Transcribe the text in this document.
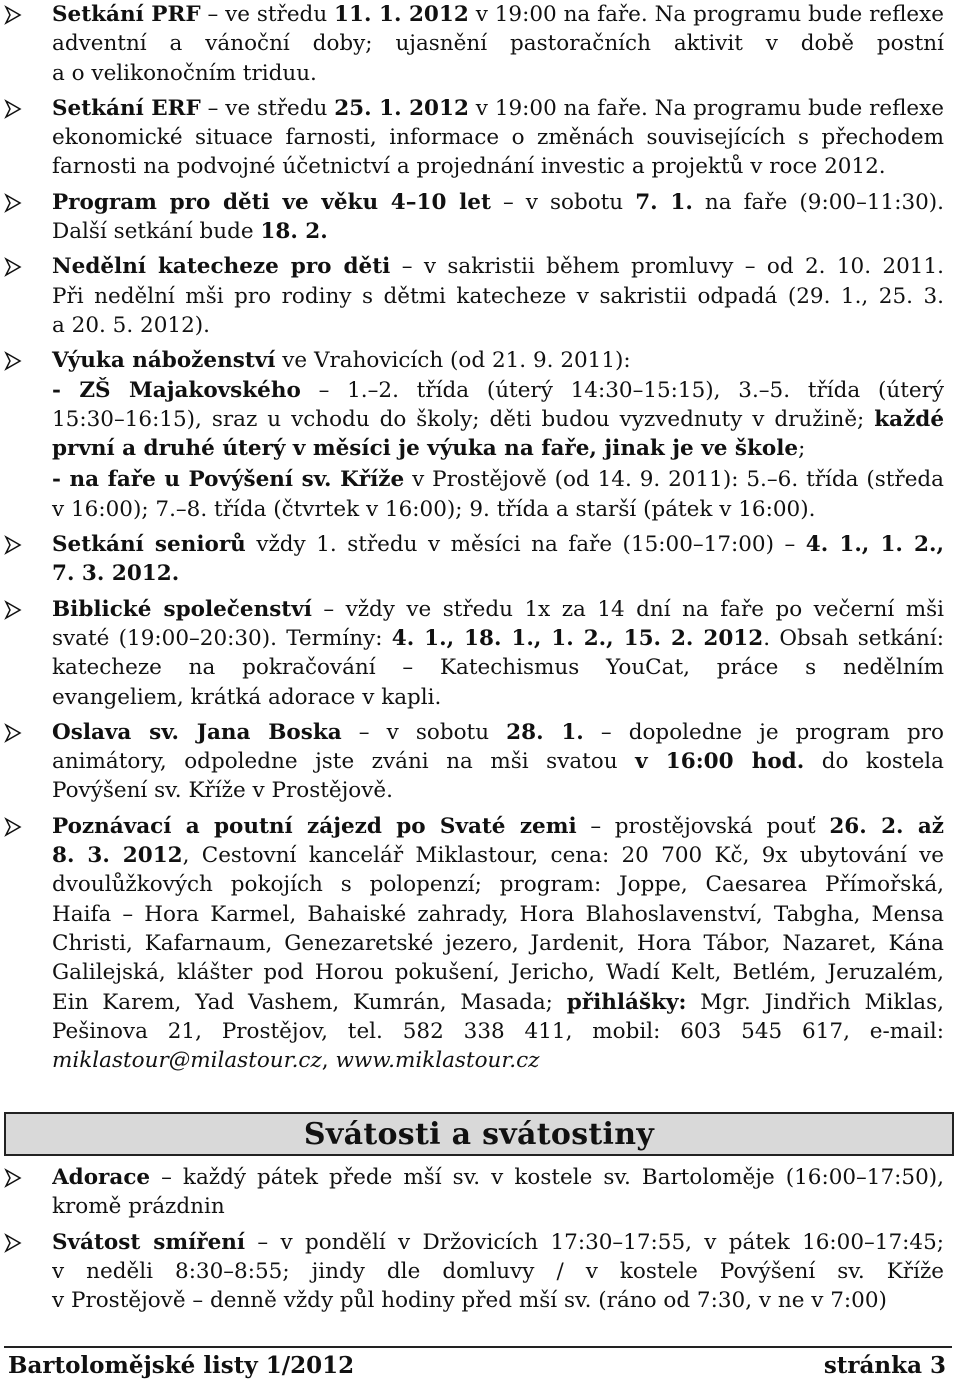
Setkání PRF – ve středu 11. 1. 2012 v 19:00 na faře. Na programu bude reflexe
adventní a vánoční doby; ujasnění pastoračních aktivit v době postní
a o velikonočním triduu.
Setkání ERF – ve středu 25. 1. 2012 v 19:00 na faře. Na programu bude reflexe
ekonomické situace farnosti, informace o změnách souvisejících s přechodem
farnosti na podvojné účetnictví a projednání investic a projektů v roce 2012.
Program pro děti ve věku 4–10 let – v sobotu 7. 1. na faře (9:00–11:30).
Další setkání bude 18. 2.
Nedělní katecheze pro děti – v sakristii během promluvy – od 2. 10. 2011.
Při nedělní mši pro rodiny s dětmi katecheze v sakristii odpadá (29. 1., 25. 3.
a 20. 5. 2012).
Výuka náboženství ve Vrahovicích (od 21. 9. 2011):
- ZŠ Majakovského – 1.–2. třída (úterý 14:30–15:15), 3.–5. třída (úterý
15:30–16:15), sraz u vchodu do školy; děti budou vyzvednuty v družině; každé
první a druhé úterý v měsíci je výuka na faře, jinak je ve škole;
- na faře u Povýšení sv. Kříže v Prostějově (od 14. 9. 2011): 5.–6. třída (středa
v 16:00); 7.–8. třída (čtvrtek v 16:00); 9. třída a starší (pátek v 16:00).
Setkání seniorů vždy 1. středu v měsíci na faře (15:00–17:00) – 4. 1., 1. 2.,
7. 3. 2012.
Biblické společenství – vždy ve středu 1x za 14 dní na faře po večerní mši
svaté (19:00–20:30). Termíny: 4. 1., 18. 1., 1. 2., 15. 2. 2012. Obsah setkání:
katecheze na pokračování – Katechismus YouCat, práce s nedělním
evangeliem, krátká adorace v kapli.
Oslava sv. Jana Boska – v sobotu 28. 1. – dopoledne je program pro
animátory, odpoledne jste zváni na mši svatou v 16:00 hod. do kostela
Povýšení sv. Kříže v Prostějově.
Poznávací a poutní zájezd po Svaté zemi – prostějovská pouť 26. 2. až
8. 3. 2012, Cestovní kancelář Miklastour, cena: 20 700 Kč, 9x ubytování ve
dvoulůžkových pokojích s polopenzí; program: Joppe, Caesarea Přímořská,
Haifa – Hora Karmel, Bahaiské zahrady, Hora Blahoslavenství, Tabgha, Mensa
Christi, Kafarnaum, Genezaretské jezero, Jardenit, Hora Tábor, Nazaret, Kána
Galilejská, klášter pod Horou pokušení, Jericho, Wadí Kelt, Betlém, Jeruzalém,
Ein Karem, Yad Vashem, Kumrán, Masada; přihlášky: Mgr. Jindřich Miklas,
Pešinova 21, Prostějov, tel. 582 338 411, mobil: 603 545 617, e-mail:
miklastour@milastour.cz, www.miklastour.cz
Svátosti a svátostiny
Adorace – každý pátek přede mší sv. v kostele sv. Bartoloměje (16:00–17:50),
kromě prázdnin
Svátost smíření – v pondělí v Držovicích 17:30–17:55, v pátek 16:00–17:45;
v neděli 8:30–8:55; jindy dle domluvy / v kostele Povýšení sv. Kříže
v Prostějově – denně vždy půl hodiny před mší sv. (ráno od 7:30, v ne v 7:00)
Bartolomějské listy 1/2012	stránka 3
